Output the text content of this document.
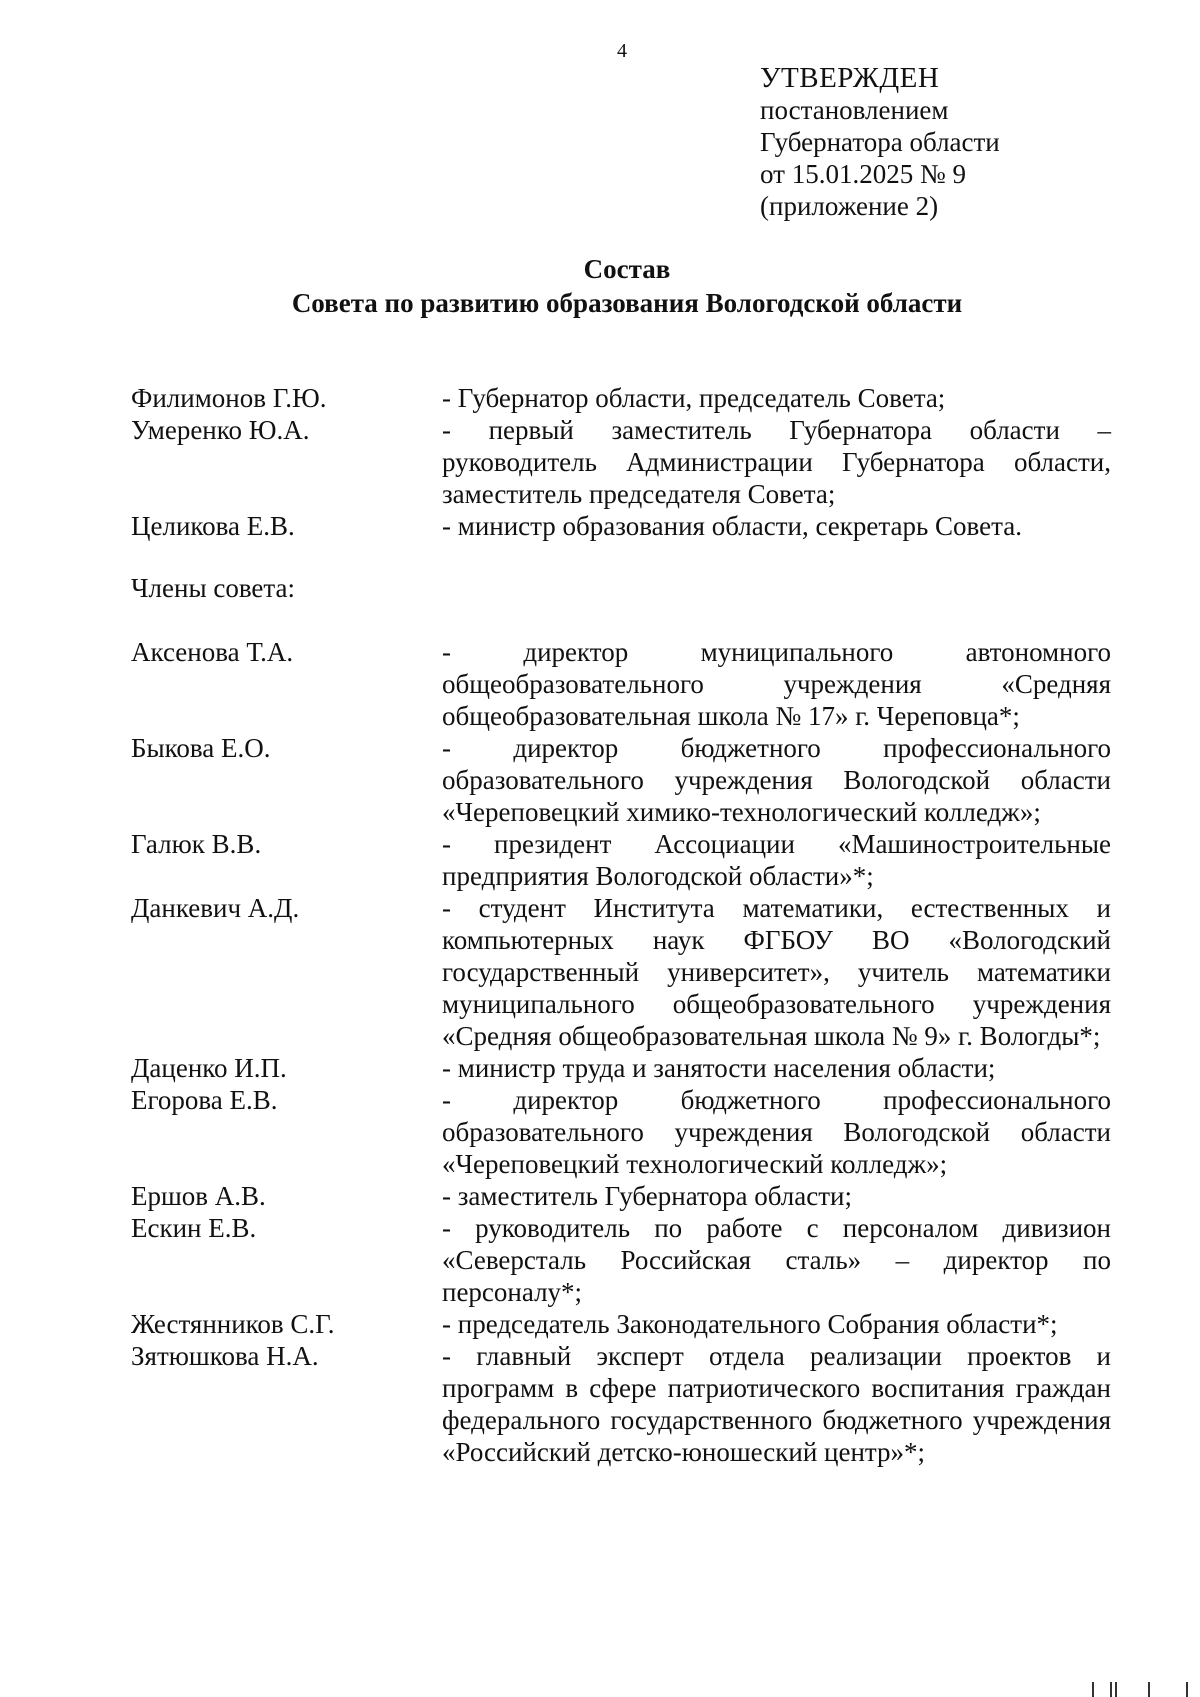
4
УТВЕРЖДЕН
постановлением
Губернатора области
от 15.01.2025 № 9
(приложение 2)
Состав
Совета по развитию образования Вологодской области
Филимонов Г.Ю.	- Губернатор области, председатель Совета;
Умеренко Ю.А.	- первый заместитель Губернатора области – руководитель Администрации Губернатора области, заместитель председателя Совета;
Целикова Е.В.	- министр образования области, секретарь Совета.
Члены совета:
Аксенова Т.А.	- директор муниципального автономного общеобразовательного учреждения «Средняя общеобразовательная школа № 17» г. Череповца*;
Быкова Е.О.	- директор бюджетного профессионального образовательного учреждения Вологодской области «Череповецкий химико-технологический колледж»;
Галюк В.В.	- президент Ассоциации «Машиностроительные предприятия Вологодской области»*;
Данкевич А.Д.	- студент Института математики, естественных и компьютерных наук ФГБОУ ВО «Вологодский государственный университет», учитель математики муниципального общеобразовательного учреждения «Средняя общеобразовательная школа № 9» г. Вологды*;
Даценко И.П.	- министр труда и занятости населения области;
Егорова Е.В.	- директор бюджетного профессионального образовательного учреждения Вологодской области «Череповецкий технологический колледж»;
Ершов А.В.	- заместитель Губернатора области;
Ескин Е.В.	- руководитель по работе с персоналом дивизион «Северсталь Российская сталь» – директор по персоналу*;
Жестянников С.Г.	- председатель Законодательного Собрания области*;
Зятюшкова Н.А.	- главный эксперт отдела реализации проектов и программ в сфере патриотического воспитания граждан федерального государственного бюджетного учреждения «Российский детско-юношеский центр»*;
